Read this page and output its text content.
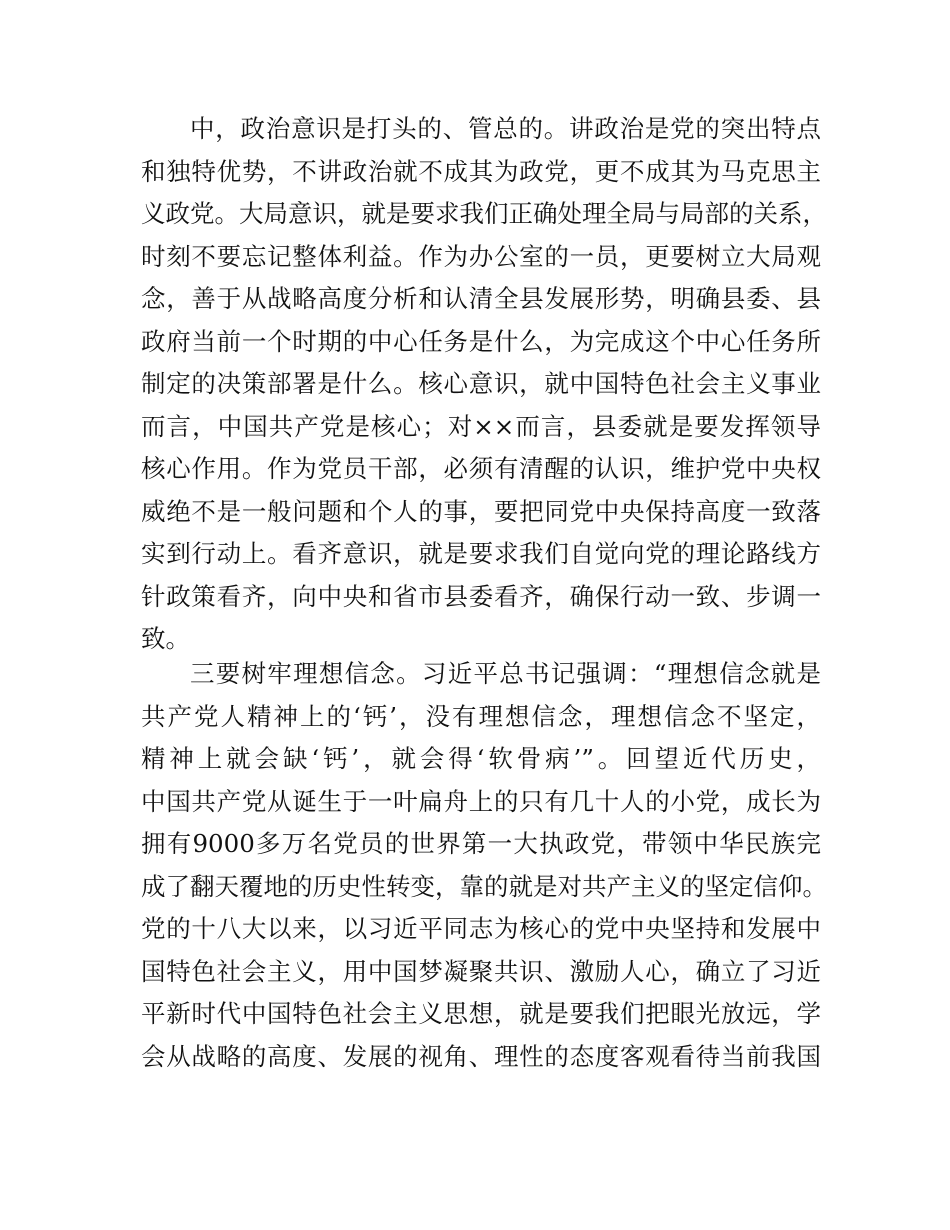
中，政治意识是打头的、管总的。讲政治是党的突出特点
和独特优势，不讲政治就不成其为政党，更不成其为马克思主
义政党。大局意识，就是要求我们正确处理全局与局部的关系，
时刻不要忘记整体利益。作为办公室的一员，更要树立大局观
念，善于从战略高度分析和认清全县发展形势，明确县委、县
政府当前一个时期的中心任务是什么，为完成这个中心任务所
制定的决策部署是什么。核心意识，就中国特色社会主义事业
而言，中国共产党是核心；对××而言，县委就是要发挥领导
核心作用。作为党员干部，必须有清醒的认识，维护党中央权
威绝不是一般问题和个人的事，要把同党中央保持高度一致落
实到行动上。看齐意识，就是要求我们自觉向党的理论路线方
针政策看齐，向中央和省市县委看齐，确保行动一致、步调一
致。
三要树牢理想信念。习近平总书记强调：“理想信念就是
共产党人精神上的‘钙’，没有理想信念，理想信念不坚定，
精神上就会缺‘钙’，就会得‘软骨病’”。回望近代历史，
中国共产党从诞生于一叶扁舟上的只有几十人的小党，成长为
拥有9000多万名党员的世界第一大执政党，带领中华民族完
成了翻天覆地的历史性转变，靠的就是对共产主义的坚定信仰。
党的十八大以来，以习近平同志为核心的党中央坚持和发展中
国特色社会主义，用中国梦凝聚共识、激励人心，确立了习近
平新时代中国特色社会主义思想，就是要我们把眼光放远，学
会从战略的高度、发展的视角、理性的态度客观看待当前我国
